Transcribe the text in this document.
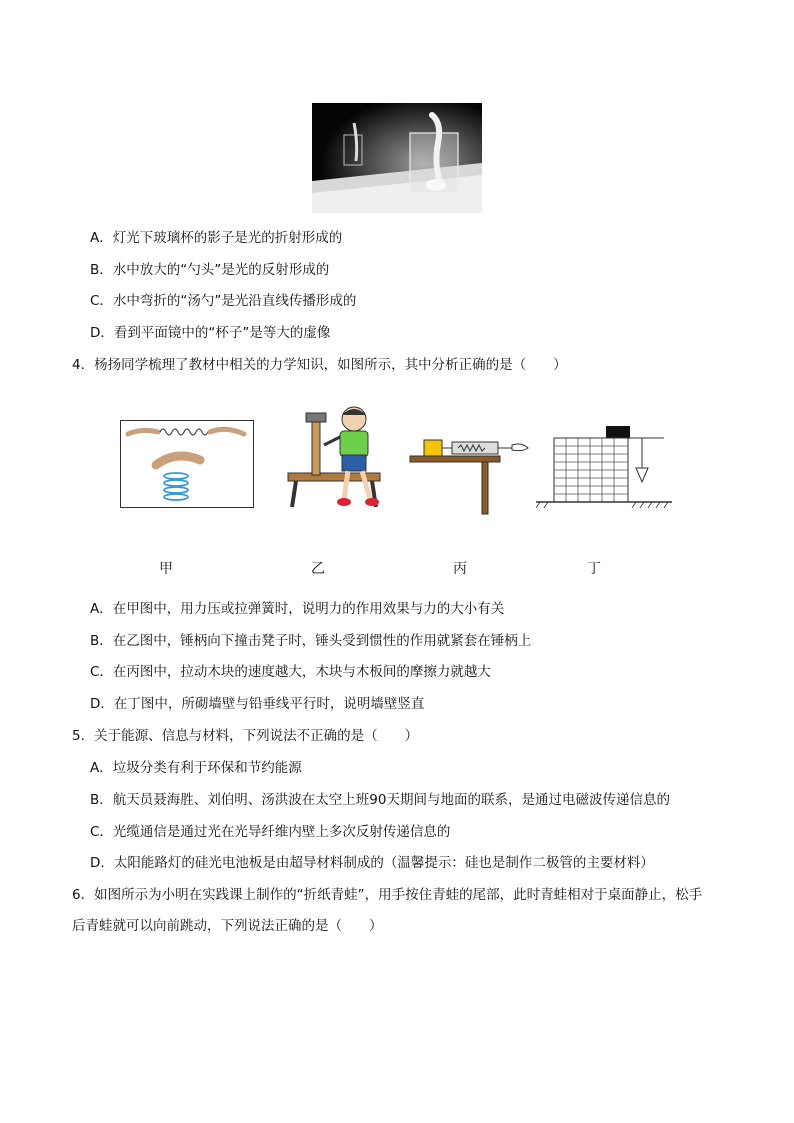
A．灯光下玻璃杯的影子是光的折射形成的
B．水中放大的“勺头”是光的反射形成的
C．水中弯折的“汤勺”是光沿直线传播形成的
D．看到平面镜中的“杯子”是等大的虚像
4．杨扬同学梳理了教材中相关的力学知识，如图所示，其中分析正确的是（　　）
甲	乙	丙	丁
A．在甲图中，用力压或拉弹簧时，说明力的作用效果与力的大小有关
B．在乙图中，锤柄向下撞击凳子时，锤头受到惯性的作用就紧套在锤柄上
C．在丙图中，拉动木块的速度越大，木块与木板间的摩擦力就越大
D．在丁图中，所砌墙壁与铅垂线平行时，说明墙壁竖直
5．关于能源、信息与材料，下列说法不正确的是（　　）
A．垃圾分类有利于环保和节约能源
B．航天员聂海胜、刘伯明、汤洪波在太空上班90天期间与地面的联系，是通过电磁波传递信息的
C．光缆通信是通过光在光导纤维内壁上多次反射传递信息的
D．太阳能路灯的硅光电池板是由超导材料制成的（温馨提示：硅也是制作二极管的主要材料）
6．如图所示为小明在实践课上制作的“折纸青蛙”，用手按住青蛙的尾部，此时青蛙相对于桌面静止，松手
后青蛙就可以向前跳动，下列说法正确的是（　　）
